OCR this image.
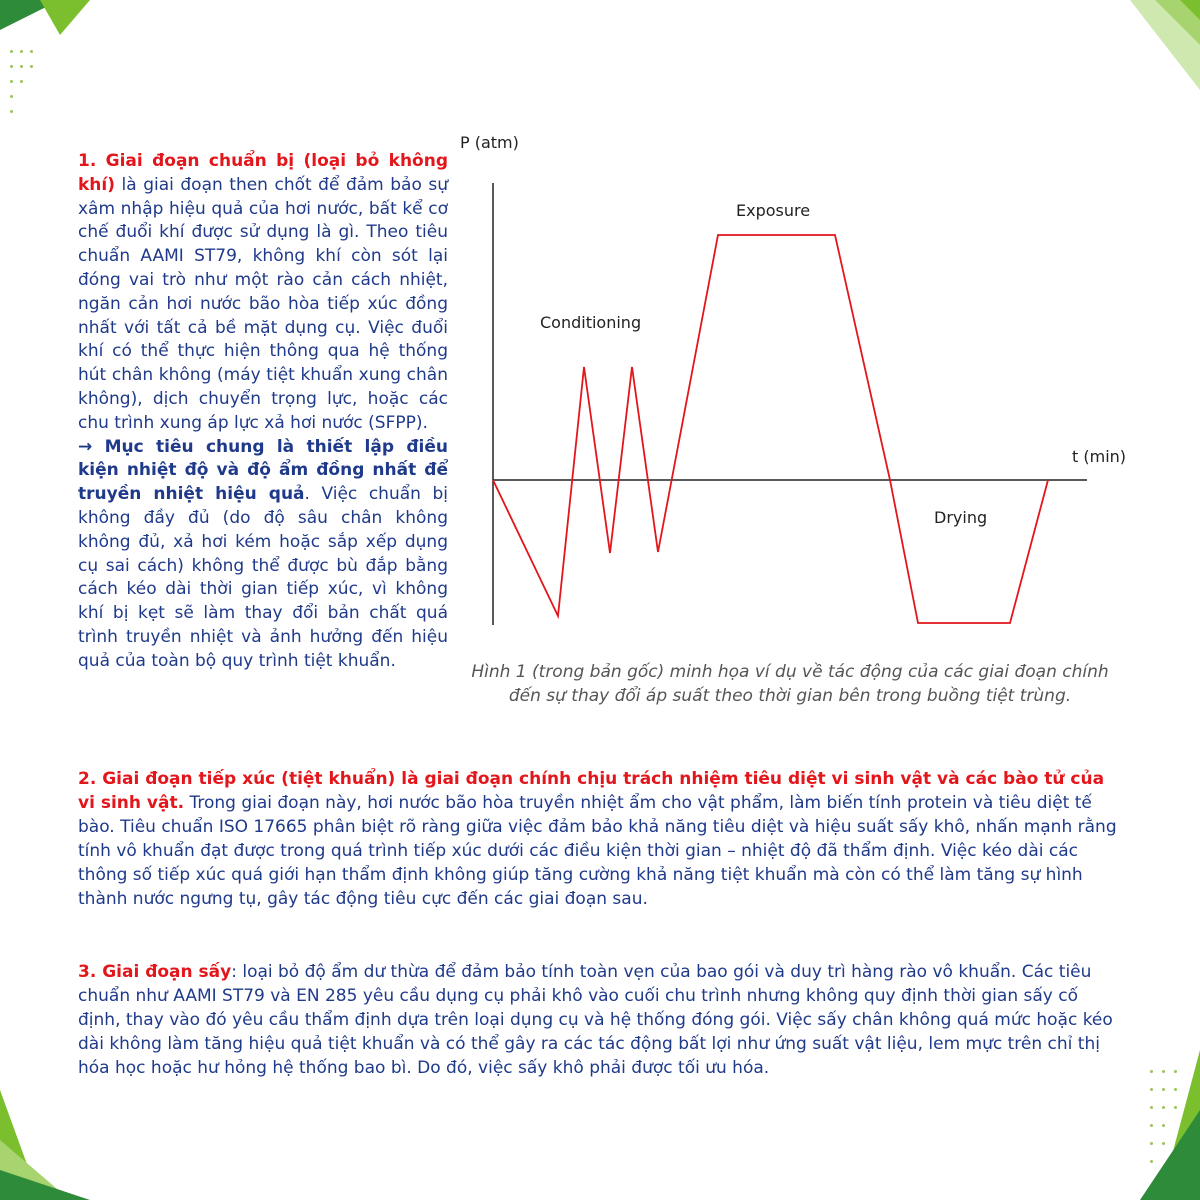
1. Giai đoạn chuẩn bị (loại bỏ không khí) là giai đoạn then chốt để đảm bảo sự xâm nhập hiệu quả của hơi nước, bất kể cơ chế đuổi khí được sử dụng là gì. Theo tiêu chuẩn AAMI ST79, không khí còn sót lại đóng vai trò như một rào cản cách nhiệt, ngăn cản hơi nước bão hòa tiếp xúc đồng nhất với tất cả bề mặt dụng cụ. Việc đuổi khí có thể thực hiện thông qua hệ thống hút chân không (máy tiệt khuẩn xung chân không), dịch chuyển trọng lực, hoặc các chu trình xung áp lực xả hơi nước (SFPP).
→ Mục tiêu chung là thiết lập điều kiện nhiệt độ và độ ẩm đồng nhất để truyền nhiệt hiệu quả. Việc chuẩn bị không đầy đủ (do độ sâu chân không không đủ, xả hơi kém hoặc sắp xếp dụng cụ sai cách) không thể được bù đắp bằng cách kéo dài thời gian tiếp xúc, vì không khí bị kẹt sẽ làm thay đổi bản chất quá trình truyền nhiệt và ảnh hưởng đến hiệu quả của toàn bộ quy trình tiệt khuẩn.
P (atm)
t (min)
Exposure
Conditioning
Drying
Hình 1 (trong bản gốc) minh họa ví dụ về tác động của các giai đoạn chính
đến sự thay đổi áp suất theo thời gian bên trong buồng tiệt trùng.
2. Giai đoạn tiếp xúc (tiệt khuẩn) là giai đoạn chính chịu trách nhiệm tiêu diệt vi sinh vật và các bào tử của vi sinh vật. Trong giai đoạn này, hơi nước bão hòa truyền nhiệt ẩm cho vật phẩm, làm biến tính protein và tiêu diệt tế bào. Tiêu chuẩn ISO 17665 phân biệt rõ ràng giữa việc đảm bảo khả năng tiêu diệt và hiệu suất sấy khô, nhấn mạnh rằng tính vô khuẩn đạt được trong quá trình tiếp xúc dưới các điều kiện thời gian – nhiệt độ đã thẩm định. Việc kéo dài các thông số tiếp xúc quá giới hạn thẩm định không giúp tăng cường khả năng tiệt khuẩn mà còn có thể làm tăng sự hình thành nước ngưng tụ, gây tác động tiêu cực đến các giai đoạn sau.
3. Giai đoạn sấy: loại bỏ độ ẩm dư thừa để đảm bảo tính toàn vẹn của bao gói và duy trì hàng rào vô khuẩn. Các tiêu chuẩn như AAMI ST79 và EN 285 yêu cầu dụng cụ phải khô vào cuối chu trình nhưng không quy định thời gian sấy cố định, thay vào đó yêu cầu thẩm định dựa trên loại dụng cụ và hệ thống đóng gói. Việc sấy chân không quá mức hoặc kéo dài không làm tăng hiệu quả tiệt khuẩn và có thể gây ra các tác động bất lợi như ứng suất vật liệu, lem mực trên chỉ thị hóa học hoặc hư hỏng hệ thống bao bì. Do đó, việc sấy khô phải được tối ưu hóa.
